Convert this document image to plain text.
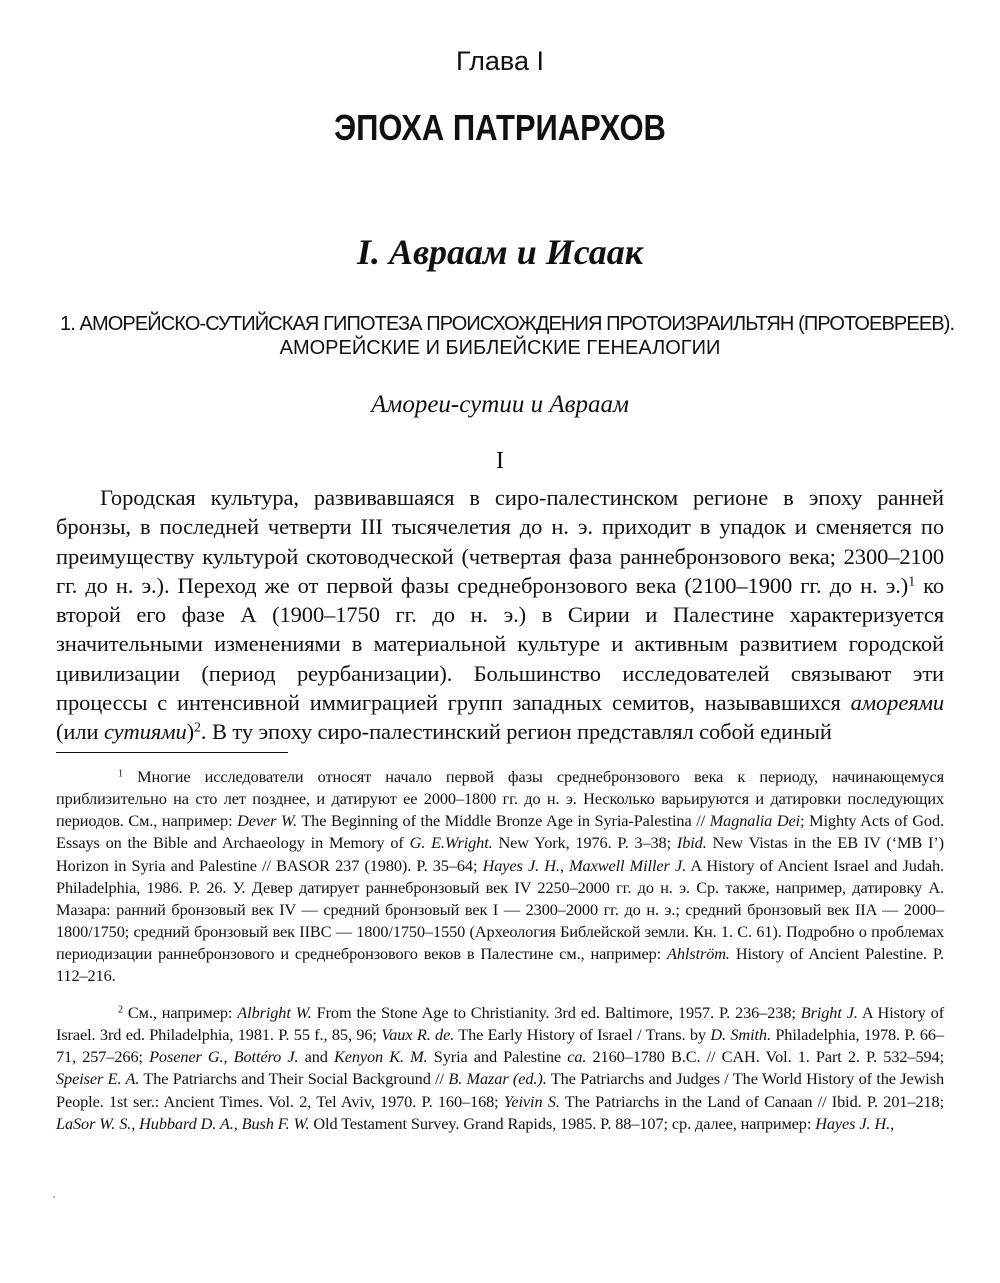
Глава I
ЭПОХА ПАТРИАРХОВ
I. Авраам и Исаак
1. АМОРЕЙСКО-СУТИЙСКАЯ ГИПОТЕЗА ПРОИСХОЖДЕНИЯ ПРОТОИЗРАИЛЬТЯН (ПРОТОЕВРЕЕВ).
АМОРЕЙСКИЕ И БИБЛЕЙСКИЕ ГЕНЕАЛОГИИ
Амореи-сутии и Авраам
I

Городская культура, развивавшаяся в сиро-палестинском регионе в эпоху ранней бронзы, в последней четверти III тысячелетия до н. э. приходит в упадок и сменяется по преимуществу культурой скотоводческой (четвертая фаза раннебронзового века; 2300–2100 гг. до н. э.). Переход же от первой фазы среднебронзового века (2100–1900 гг. до н. э.)$^1$ ко второй его фазе А (1900–1750 гг. до н. э.) в Сирии и Палестине характеризуется значительными изменениями в материальной культуре и активным развитием городской цивилизации (период реурбанизации). Большинство исследователей связывают эти процессы с интенсивной иммиграцией групп западных семитов, называвшихся амореями (или сутиями)$^2$. В ту эпоху сиро-палестинский регион представлял собой единый

$^1$ Многие исследователи относят начало первой фазы среднебронзового века к периоду, начинающемуся приблизительно на сто лет позднее, и датируют ее 2000–1800 гг. до н. э. Несколько варьируются и датировки последующих периодов. См., например: Dever W. The Beginning of the Middle Bronze Age in Syria-Palestina // Magnalia Dei; Mighty Acts of God. Essays on the Bible and Archaeology in Memory of G. E.Wright. New York, 1976. P. 3–38; Ibid. New Vistas in the EB IV (‘MB I’) Horizon in Syria and Palestine // BASOR 237 (1980). P. 35–64; Hayes J. H., Maxwell Miller J. A History of Ancient Israel and Judah. Philadelphia, 1986. P. 26. У. Девер датирует раннебронзовый век IV 2250–2000 гг. до н. э. Ср. также, например, датировку А. Мазара: ранний бронзовый век IV — средний бронзовый век I — 2300–2000 гг. до н. э.; средний бронзовый век IIA — 2000–1800/1750; средний бронзовый век IIBC — 1800/1750–1550 (Археология Библейской земли. Кн. 1. С. 61). Подробно о проблемах периодизации раннебронзового и среднебронзового веков в Палестине см., например: Ahlström. History of Ancient Palestine. P. 112–216.

$^2$ См., например: Albright W. From the Stone Age to Christianity. 3rd ed. Baltimore, 1957. P. 236–238; Bright J. A History of Israel. 3rd ed. Philadelphia, 1981. P. 55 f., 85, 96; Vaux R. de. The Early History of Israel / Trans. by D. Smith. Philadelphia, 1978. P. 66–71, 257–266; Posener G., Bottéro J. and Kenyon K. M. Syria and Palestine ca. 2160–1780 B.C. // CAH. Vol. 1. Part 2. P. 532–594; Speiser E. A. The Patriarchs and Their Social Background // B. Mazar (ed.). The Patriarchs and Judges / The World History of the Jewish People. 1st ser.: Ancient Times. Vol. 2, Tel Aviv, 1970. P. 160–168; Yeivin S. The Patriarchs in the Land of Canaan // Ibid. P. 201–218; LaSor W. S., Hubbard D. A., Bush F. W. Old Testament Survey. Grand Rapids, 1985. P. 88–107; ср. далее, например: Hayes J. H.,
